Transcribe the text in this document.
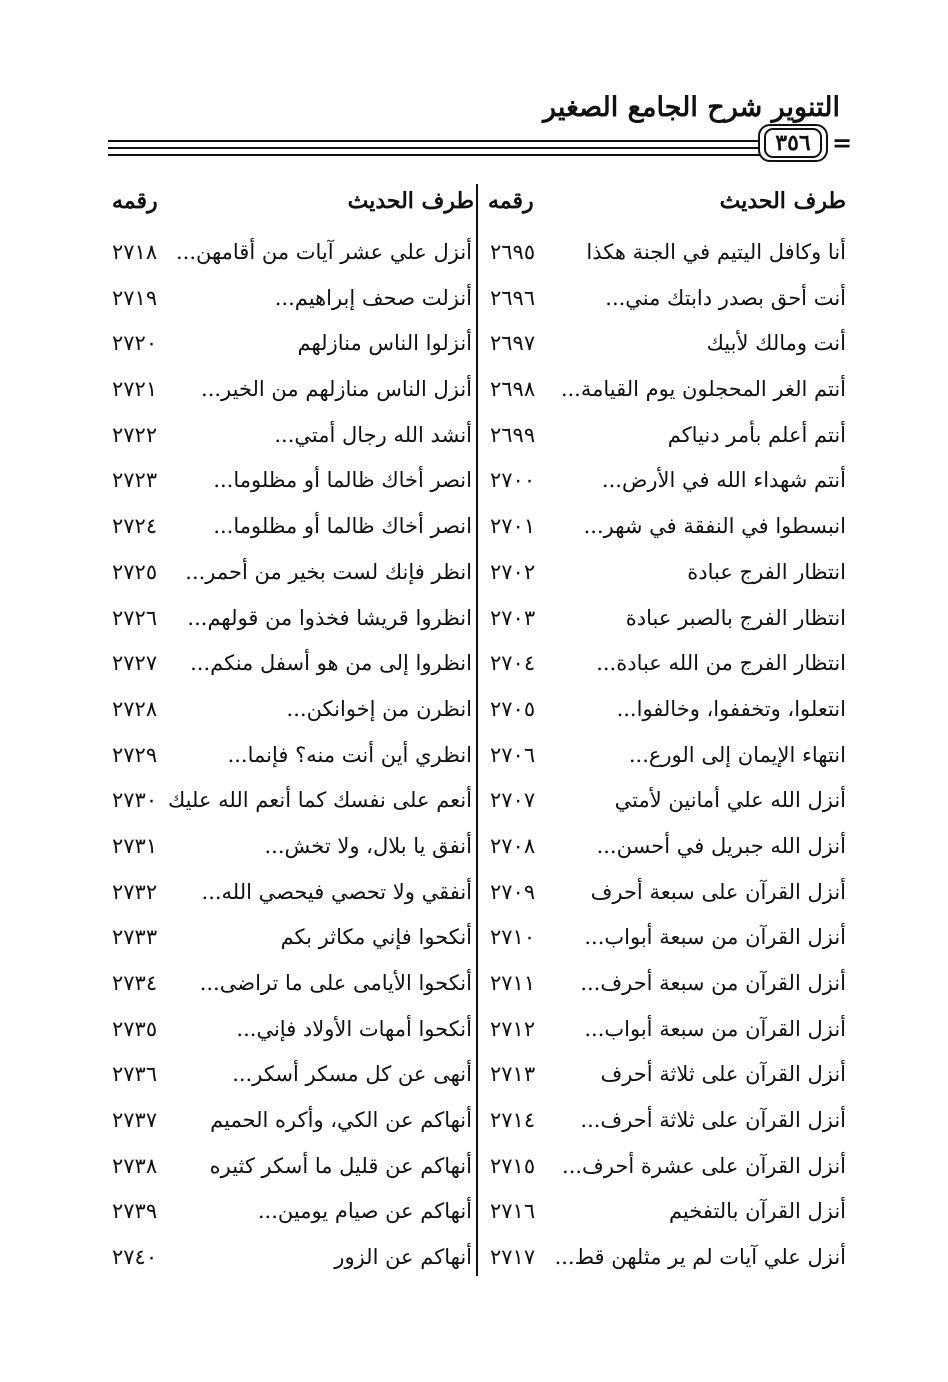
التنوير شرح الجامع الصغير
٣٥٦ =
طرف الحديث
رقمه
طرف الحديث
رقمه
أنا وكافل اليتيم في الجنة هكذا
٢٦٩٥
أنزل علي عشر آيات من أقامهن...
٢٧١٨
أنت أحق بصدر دابتك مني...
٢٦٩٦
أنزلت صحف إبراهيم...
٢٧١٩
أنت ومالك لأبيك
٢٦٩٧
أنزلوا الناس منازلهم
٢٧٢٠
أنتم الغر المحجلون يوم القيامة...
٢٦٩٨
أنزل الناس منازلهم من الخير...
٢٧٢١
أنتم أعلم بأمر دنياكم
٢٦٩٩
أنشد الله رجال أمتي...
٢٧٢٢
أنتم شهداء الله في الأرض...
٢٧٠٠
انصر أخاك ظالما أو مظلوما...
٢٧٢٣
انبسطوا في النفقة في شهر...
٢٧٠١
انصر أخاك ظالما أو مظلوما...
٢٧٢٤
انتظار الفرج عبادة
٢٧٠٢
انظر فإنك لست بخير من أحمر...
٢٧٢٥
انتظار الفرج بالصبر عبادة
٢٧٠٣
انظروا قريشا فخذوا من قولهم...
٢٧٢٦
انتظار الفرج من الله عبادة...
٢٧٠٤
انظروا إلى من هو أسفل منكم...
٢٧٢٧
انتعلوا، وتخففوا، وخالفوا...
٢٧٠٥
انظرن من إخوانكن...
٢٧٢٨
انتهاء الإيمان إلى الورع...
٢٧٠٦
انظري أين أنت منه؟ فإنما...
٢٧٢٩
أنزل الله علي أمانين لأمتي
٢٧٠٧
أنعم على نفسك كما أنعم الله عليك
٢٧٣٠
أنزل الله جبريل في أحسن...
٢٧٠٨
أنفق يا بلال، ولا تخش...
٢٧٣١
أنزل القرآن على سبعة أحرف
٢٧٠٩
أنفقي ولا تحصي فيحصي الله...
٢٧٣٢
أنزل القرآن من سبعة أبواب...
٢٧١٠
أنكحوا فإني مكاثر بكم
٢٧٣٣
أنزل القرآن من سبعة أحرف...
٢٧١١
أنكحوا الأيامى على ما تراضى...
٢٧٣٤
أنزل القرآن من سبعة أبواب...
٢٧١٢
أنكحوا أمهات الأولاد فإني...
٢٧٣٥
أنزل القرآن على ثلاثة أحرف
٢٧١٣
أنهى عن كل مسكر أسكر...
٢٧٣٦
أنزل القرآن على ثلاثة أحرف...
٢٧١٤
أنهاكم عن الكي، وأكره الحميم
٢٧٣٧
أنزل القرآن على عشرة أحرف...
٢٧١٥
أنهاكم عن قليل ما أسكر كثيره
٢٧٣٨
أنزل القرآن بالتفخيم
٢٧١٦
أنهاكم عن صيام يومين...
٢٧٣٩
أنزل علي آيات لم ير مثلهن قط...
٢٧١٧
أنهاكم عن الزور
٢٧٤٠
